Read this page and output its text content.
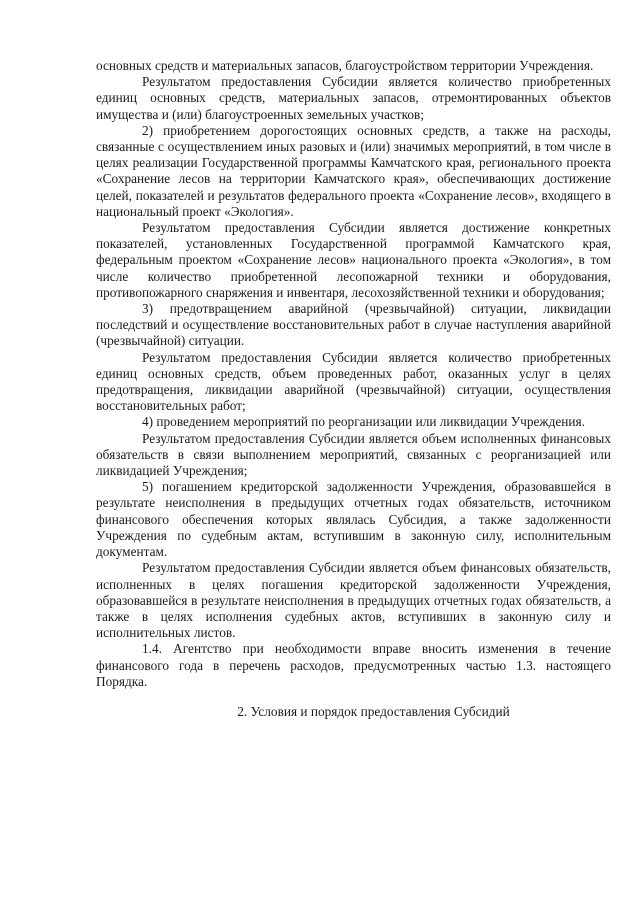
основных средств и материальных запасов, благоустройством территории Учреждения.

Результатом предоставления Субсидии является количество приобретенных единиц основных средств, материальных запасов, отремонтированных объектов имущества и (или) благоустроенных земельных участков;

2) приобретением дорогостоящих основных средств, а также на расходы, связанные с осуществлением иных разовых и (или) значимых мероприятий, в том числе в целях реализации Государственной программы Камчатского края, регионального проекта «Сохранение лесов на территории Камчатского края», обеспечивающих достижение целей, показателей и результатов федерального проекта «Сохранение лесов», входящего в национальный проект «Экология».

Результатом предоставления Субсидии является достижение конкретных показателей, установленных Государственной программой Камчатского края, федеральным проектом «Сохранение лесов» национального проекта «Экология», в том числе количество приобретенной лесопожарной техники и оборудования, противопожарного снаряжения и инвентаря, лесохозяйственной техники и оборудования;

3) предотвращением аварийной (чрезвычайной) ситуации, ликвидации последствий и осуществление восстановительных работ в случае наступления аварийной (чрезвычайной) ситуации.

Результатом предоставления Субсидии является количество приобретенных единиц основных средств, объем проведенных работ, оказанных услуг в целях предотвращения, ликвидации аварийной (чрезвычайной) ситуации, осуществления восстановительных работ;

4) проведением мероприятий по реорганизации или ликвидации Учреждения.

Результатом предоставления Субсидии является объем исполненных финансовых обязательств в связи выполнением мероприятий, связанных с реорганизацией или ликвидацией Учреждения;

5) погашением кредиторской задолженности Учреждения, образовавшейся в результате неисполнения в предыдущих отчетных годах обязательств, источником финансового обеспечения которых являлась Субсидия, а также задолженности Учреждения по судебным актам, вступившим в законную силу, исполнительным документам.

Результатом предоставления Субсидии является объем финансовых обязательств, исполненных в целях погашения кредиторской задолженности Учреждения, образовавшейся в результате неисполнения в предыдущих отчетных годах обязательств, а также в целях исполнения судебных актов, вступивших в законную силу и исполнительных листов.

1.4. Агентство при необходимости вправе вносить изменения в течение финансового года в перечень расходов, предусмотренных частью 1.3. настоящего Порядка.

2. Условия и порядок предоставления Субсидий
